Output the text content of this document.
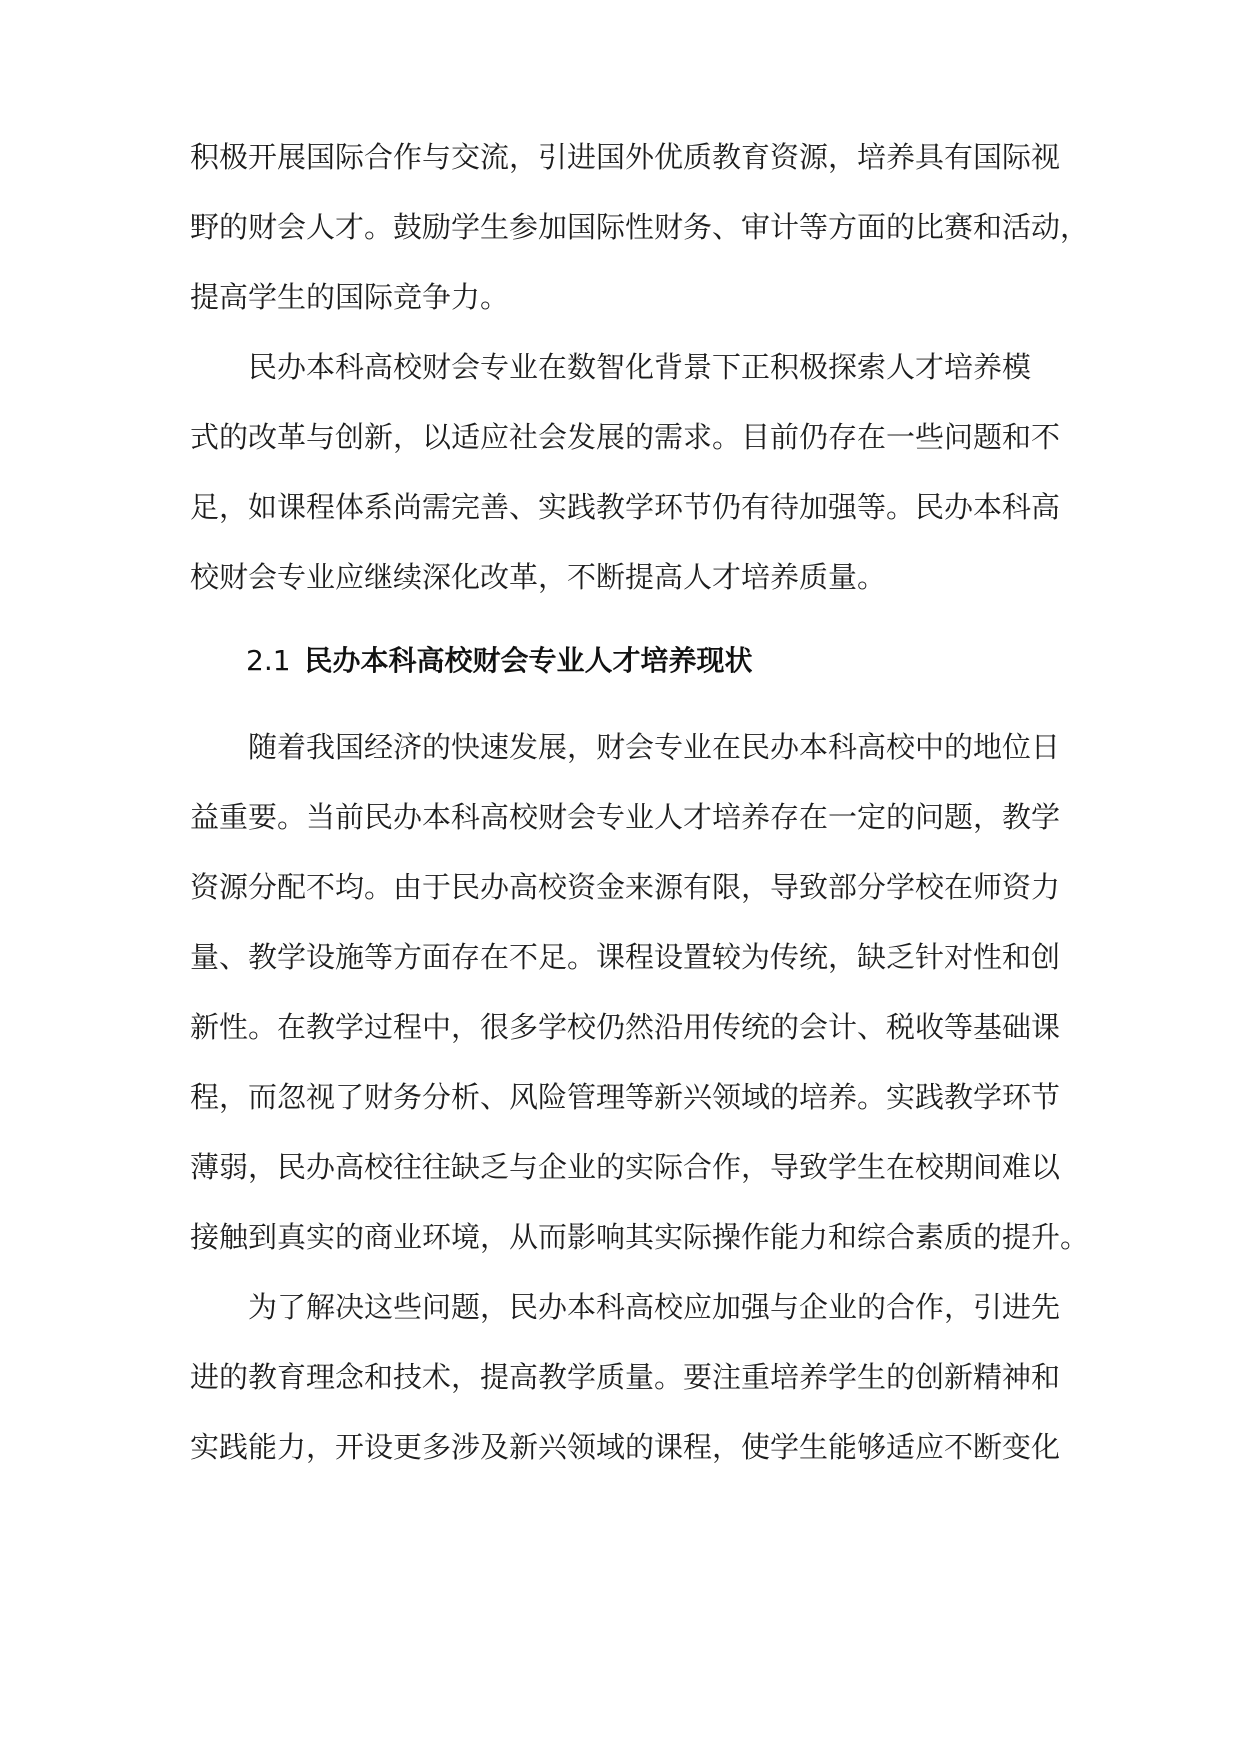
积极开展国际合作与交流，引进国外优质教育资源，培养具有国际视
野的财会人才。鼓励学生参加国际性财务、审计等方面的比赛和活动，
提高学生的国际竞争力。
民办本科高校财会专业在数智化背景下正积极探索人才培养模
式的改革与创新，以适应社会发展的需求。目前仍存在一些问题和不
足，如课程体系尚需完善、实践教学环节仍有待加强等。民办本科高
校财会专业应继续深化改革，不断提高人才培养质量。
2.1 民办本科高校财会专业人才培养现状
随着我国经济的快速发展，财会专业在民办本科高校中的地位日
益重要。当前民办本科高校财会专业人才培养存在一定的问题，教学
资源分配不均。由于民办高校资金来源有限，导致部分学校在师资力
量、教学设施等方面存在不足。课程设置较为传统，缺乏针对性和创
新性。在教学过程中，很多学校仍然沿用传统的会计、税收等基础课
程，而忽视了财务分析、风险管理等新兴领域的培养。实践教学环节
薄弱，民办高校往往缺乏与企业的实际合作，导致学生在校期间难以
接触到真实的商业环境，从而影响其实际操作能力和综合素质的提升。
为了解决这些问题，民办本科高校应加强与企业的合作，引进先
进的教育理念和技术，提高教学质量。要注重培养学生的创新精神和
实践能力，开设更多涉及新兴领域的课程，使学生能够适应不断变化
